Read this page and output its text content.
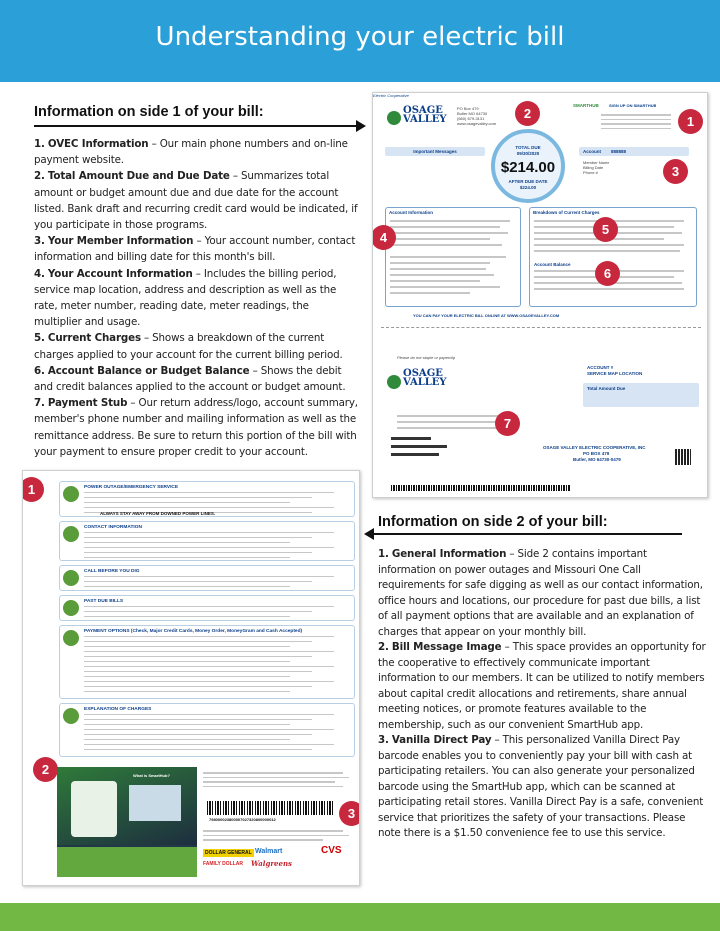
Understanding your electric bill
Information on side 1 of your bill:

1. OVEC Information – Our main phone numbers and on-line payment website.

2. Total Amount Due and Due Date – Summarizes total amount or budget amount due and due date for the account listed. Bank draft and recurring credit card would be indicated, if you participate in those programs.

3. Your Member Information – Your account number, contact information and billing date for this month's bill.

4. Your Account Information – Includes the billing period, service map location, address and description as well as the rate, meter number, reading date, meter readings, the multiplier and usage.

5. Current Charges – Shows a breakdown of the current charges applied to your account for the current billing period.

6. Account Balance or Budget Balance – Shows the debit and credit balances applied to the account or budget amount.

7. Payment Stub – Our return address/logo, account summary, member's phone number and mailing information as well as the remittance address. Be sure to return this portion of the bill with your payment to ensure proper credit to your account.

OSAGE
VALLEY
Electric Cooperative
PO Box 479
Butler MO 64730
(660) 679-3131
www.osagevalley.com
SMARTHUB	SIGN UP ON SMARTHUB
TOTAL DUE
09/30/2020
$214.00
AFTER DUE DATE
$224.00
Important Messages	Account 888888
Member Name
Billing Date
Phone #
Account Information	Breakdown of Current Charges
Account Balance
YOU CAN PAY YOUR ELECTRIC BILL ONLINE AT WWW.OSAGEVALLEY.COM
Please do not staple or paperclip
OSAGE
VALLEY
ACCOUNT #
SERVICE MAP LOCATION
Total Amount Due
OSAGE VALLEY ELECTRIC COOPERATIVE, INC
PO BOX 479
Butler, MO 64730-0479
1
2
3
4
5
6
7
Information on side 2 of your bill:

1. General Information – Side 2 contains important information on power outages and Missouri One Call requirements for safe digging as well as our contact information, office hours and locations, our procedure for past due bills, a list of all payment options that are available and an explanation of charges that appear on your monthly bill.

2. Bill Message Image – This space provides an opportunity for the cooperative to effectively communicate important information to our members. It can be utilized to notify members about capital credit allocations and retirements, share annual meeting notices, or promote features available to the membership, such as our convenient SmartHub app.

3. Vanilla Direct Pay – This personalized Vanilla Direct Pay barcode enables you to conveniently pay your bill with cash at participating retailers. You can also generate your personalized barcode using the SmartHub app, which can be scanned at participating retail stores. Vanilla Direct Pay is a safe, convenient service that prioritizes the safety of your transactions. Please note there is a $1.50 convenience fee to use this service.

POWER OUTAGE/EMERGENCY SERVICE
ALWAYS STAY AWAY FROM DOWNED POWER LINES.
CONTACT INFORMATION
CALL BEFORE YOU DIG
PAST DUE BILLS
PAYMENT OPTIONS (Check, Major Credit Cards, Money Order, MoneyGram and Cash Accepted)
EXPLANATION OF CHARGES
What is SmartHub?
798000023800007027320800000012
DOLLAR GENERAL Walmart	CVS
FAMILY DOLLAR Walgreens
1
2
3
